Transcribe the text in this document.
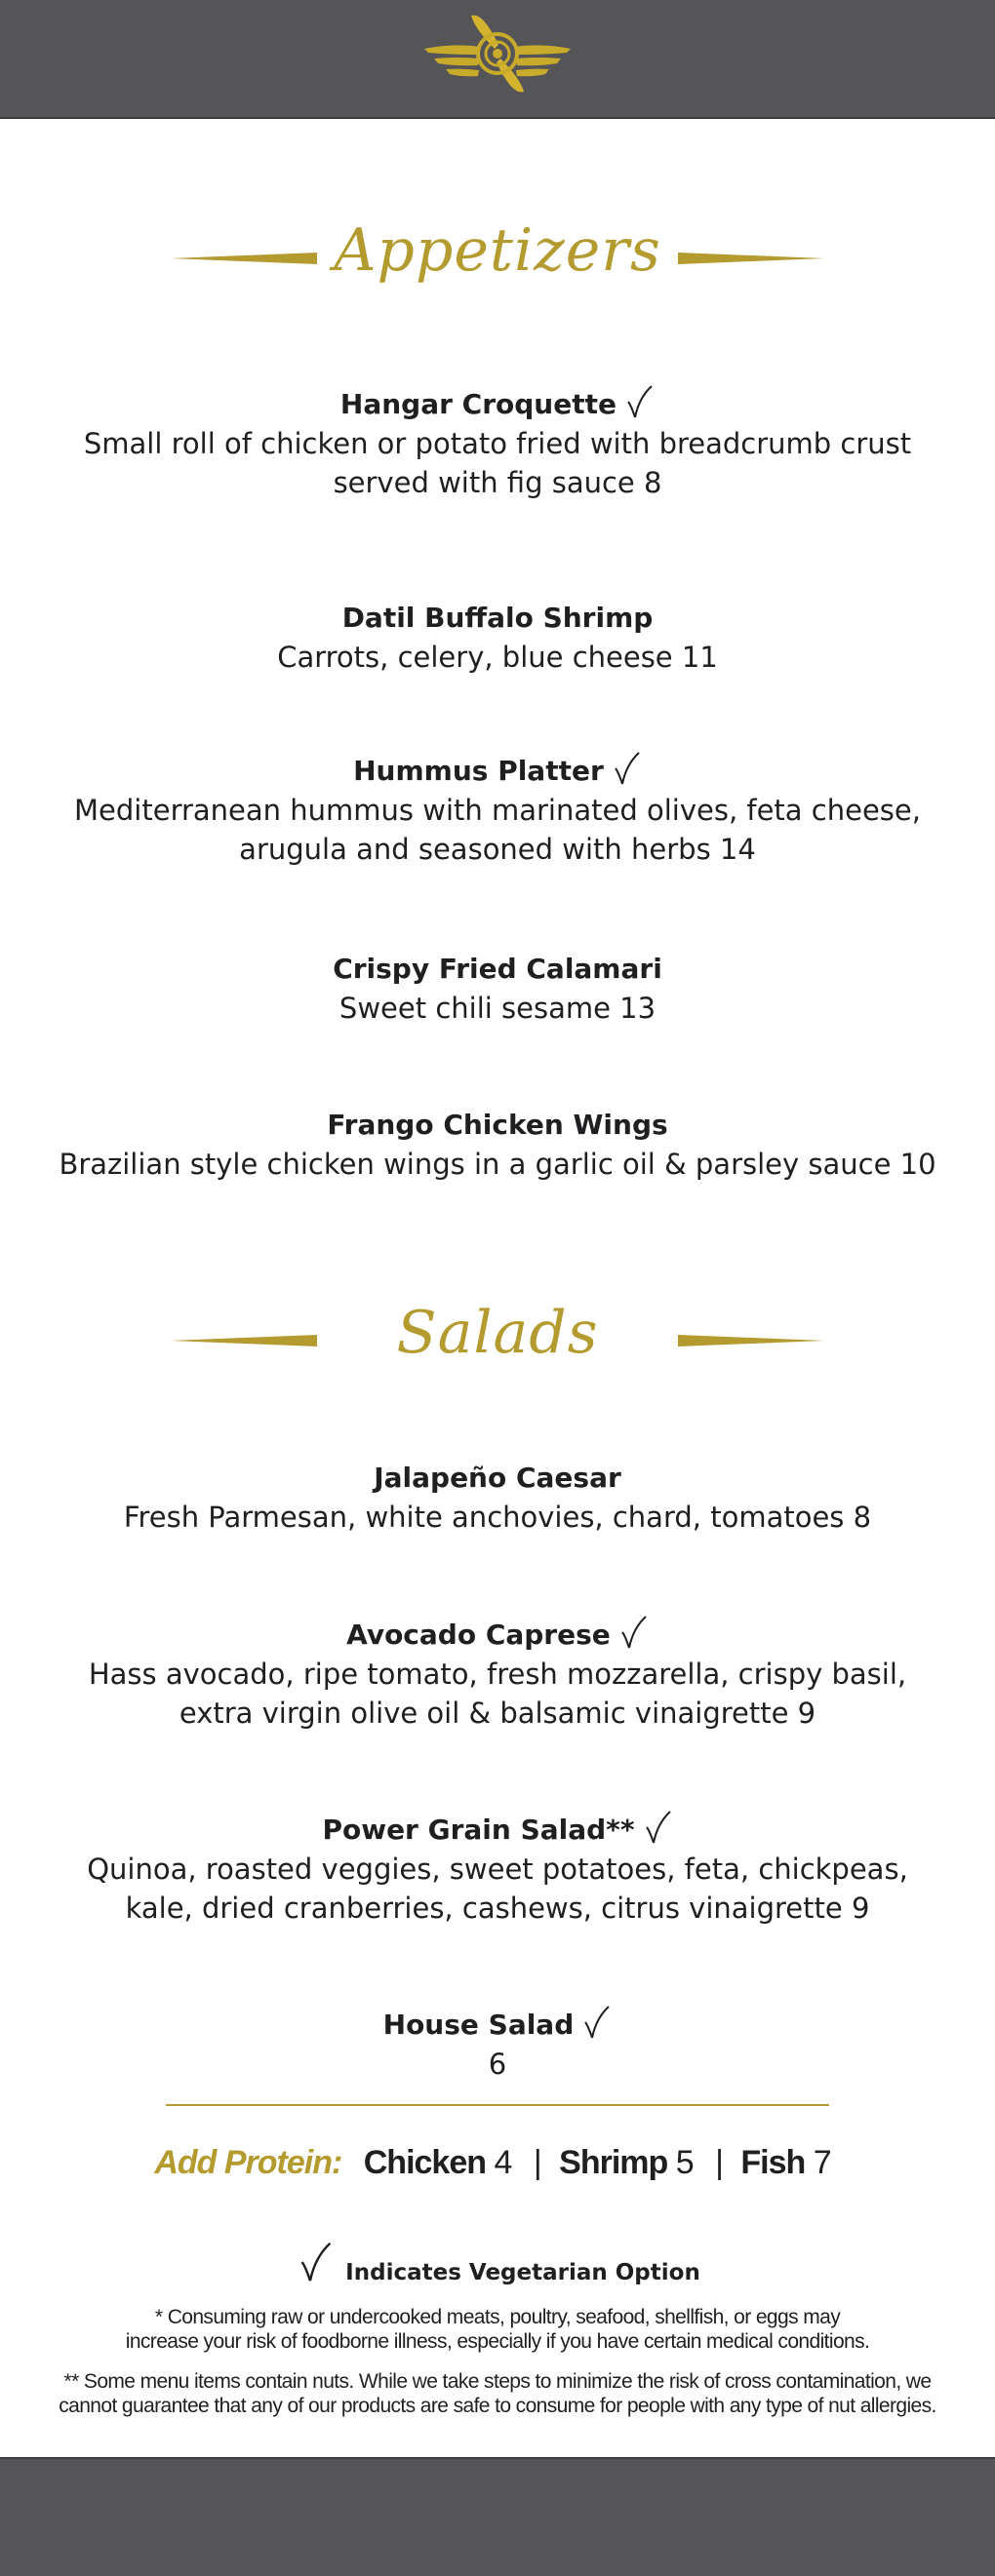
Appetizers
Hangar Croquette
Small roll of chicken or potato fried with breadcrumb crust served with fig sauce 8
Datil Buffalo Shrimp
Carrots, celery, blue cheese 11
Hummus Platter
Mediterranean hummus with marinated olives, feta cheese, arugula and seasoned with herbs 14
Crispy Fried Calamari
Sweet chili sesame 13
Frango Chicken Wings
Brazilian style chicken wings in a garlic oil & parsley sauce 10
Salads
Jalapeño Caesar
Fresh Parmesan, white anchovies, chard, tomatoes 8
Avocado Caprese
Hass avocado, ripe tomato, fresh mozzarella, crispy basil, extra virgin olive oil & balsamic vinaigrette 9
Power Grain Salad**
Quinoa, roasted veggies, sweet potatoes, feta, chickpeas, kale, dried cranberries, cashews, citrus vinaigrette 9
House Salad
6
Add Protein: Chicken 4 | Shrimp 5 | Fish 7
Indicates Vegetarian Option
* Consuming raw or undercooked meats, poultry, seafood, shellfish, or eggs may increase your risk of foodborne illness, especially if you have certain medical conditions.
** Some menu items contain nuts. While we take steps to minimize the risk of cross contamination, we cannot guarantee that any of our products are safe to consume for people with any type of nut allergies.
